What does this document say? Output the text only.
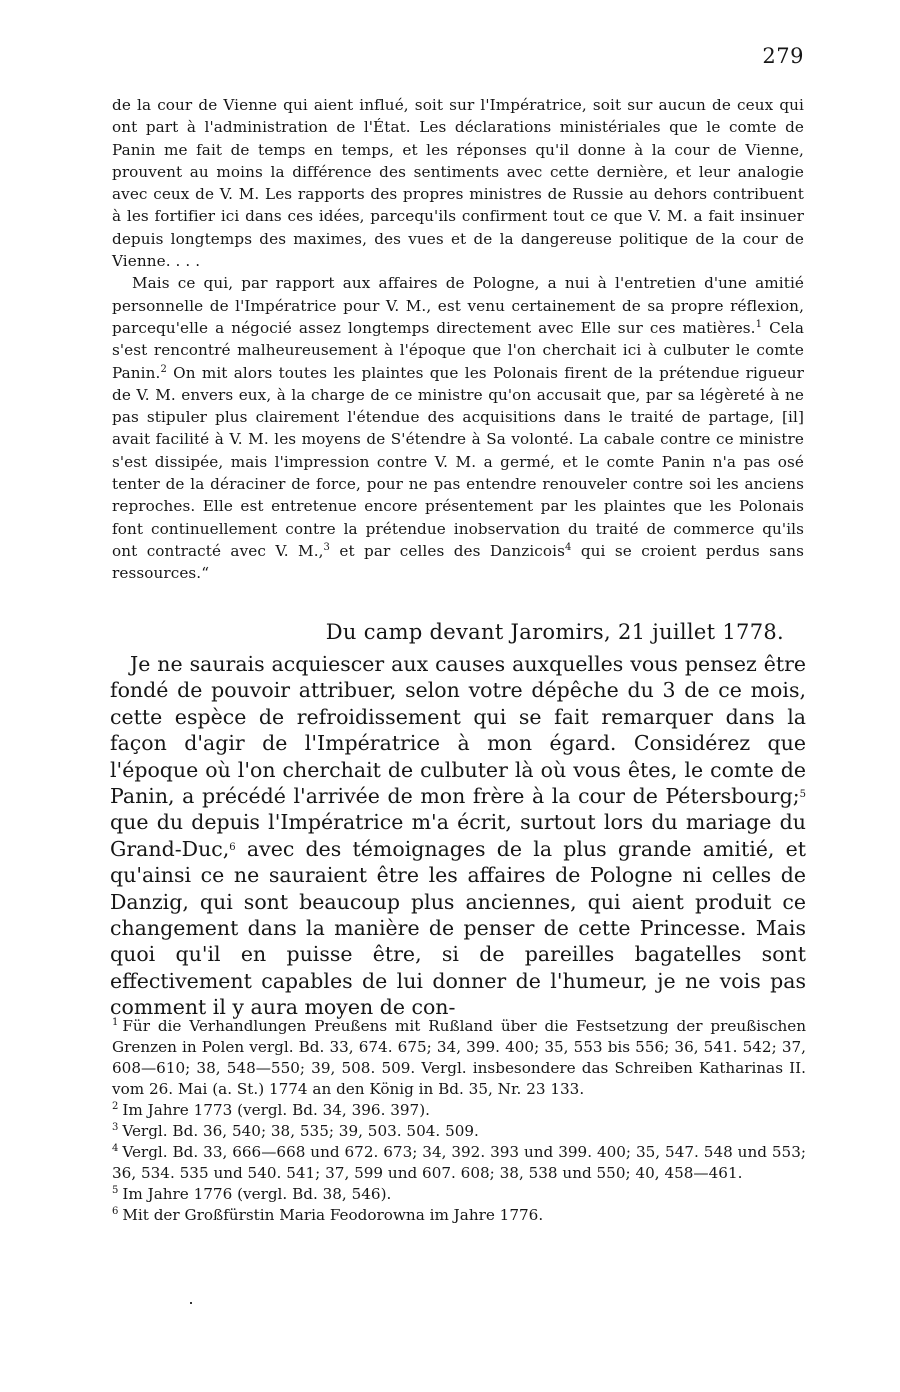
279

de la cour de Vienne qui aient influé, soit sur l'Impératrice, soit sur aucun de ceux qui ont part à l'administration de l'État. Les déclarations ministériales que le comte de Panin me fait de temps en temps, et les réponses qu'il donne à la cour de Vienne, prouvent au moins la différence des sentiments avec cette dernière, et leur analogie avec ceux de V. M. Les rapports des propres ministres de Russie au dehors contribuent à les fortifier ici dans ces idées, parcequ'ils confirment tout ce que V. M. a fait insinuer depuis longtemps des maximes, des vues et de la dangereuse politique de la cour de Vienne. . . .

Mais ce qui, par rapport aux affaires de Pologne, a nui à l'entretien d'une amitié personnelle de l'Impératrice pour V. M., est venu certainement de sa propre réflexion, parcequ'elle a négocié assez longtemps directement avec Elle sur ces matières.$^1$ Cela s'est rencontré malheureusement à l'époque que l'on cherchait ici à culbuter le comte Panin.$^2$ On mit alors toutes les plaintes que les Polonais firent de la prétendue rigueur de V. M. envers eux, à la charge de ce ministre qu'on accusait que, par sa légèreté à ne pas stipuler plus clairement l'étendue des acquisitions dans le traité de partage, [il] avait facilité à V. M. les moyens de S'étendre à Sa volonté. La cabale contre ce ministre s'est dissipée, mais l'impression contre V. M. a germé, et le comte Panin n'a pas osé tenter de la déraciner de force, pour ne pas entendre renouveler contre soi les anciens reproches. Elle est entretenue encore présentement par les plaintes que les Polonais font continuellement contre la prétendue inobservation du traité de commerce qu'ils ont contracté avec V. M.,$^3$ et par celles des Danzicois$^4$ qui se croient perdus sans ressources.“

Du camp devant Jaromirs, 21 juillet 1778.

Je ne saurais acquiescer aux causes auxquelles vous pensez être fondé de pouvoir attribuer, selon votre dépêche du 3 de ce mois, cette espèce de refroidissement qui se fait remarquer dans la façon d'agir de l'Impératrice à mon égard. Considérez que l'époque où l'on cherchait de culbuter là où vous êtes, le comte de Panin, a précédé l'arrivée de mon frère à la cour de Pétersbourg;$^5$ que du depuis l'Impératrice m'a écrit, surtout lors du mariage du Grand-Duc,$^6$ avec des témoignages de la plus grande amitié, et qu'ainsi ce ne sauraient être les affaires de Pologne ni celles de Danzig, qui sont beaucoup plus anciennes, qui aient produit ce changement dans la manière de penser de cette Princesse. Mais quoi qu'il en puisse être, si de pareilles bagatelles sont effectivement capables de lui donner de l'humeur, je ne vois pas comment il y aura moyen de con-

$^1$ Für die Verhandlungen Preußens mit Rußland über die Festsetzung der preußischen Grenzen in Polen vergl. Bd. 33, 674. 675; 34, 399. 400; 35, 553 bis 556; 36, 541. 542; 37, 608—610; 38, 548—550; 39, 508. 509. Vergl. insbesondere das Schreiben Katharinas II. vom 26. Mai (a. St.) 1774 an den König in Bd. 35, Nr. 23 133.
$^2$ Im Jahre 1773 (vergl. Bd. 34, 396. 397).
$^3$ Vergl. Bd. 36, 540; 38, 535; 39, 503. 504. 509.
$^4$ Vergl. Bd. 33, 666—668 und 672. 673; 34, 392. 393 und 399. 400; 35, 547. 548 und 553; 36, 534. 535 und 540. 541; 37, 599 und 607. 608; 38, 538 und 550; 40, 458—461.
$^5$ Im Jahre 1776 (vergl. Bd. 38, 546).
$^6$ Mit der Großfürstin Maria Feodorowna im Jahre 1776.
